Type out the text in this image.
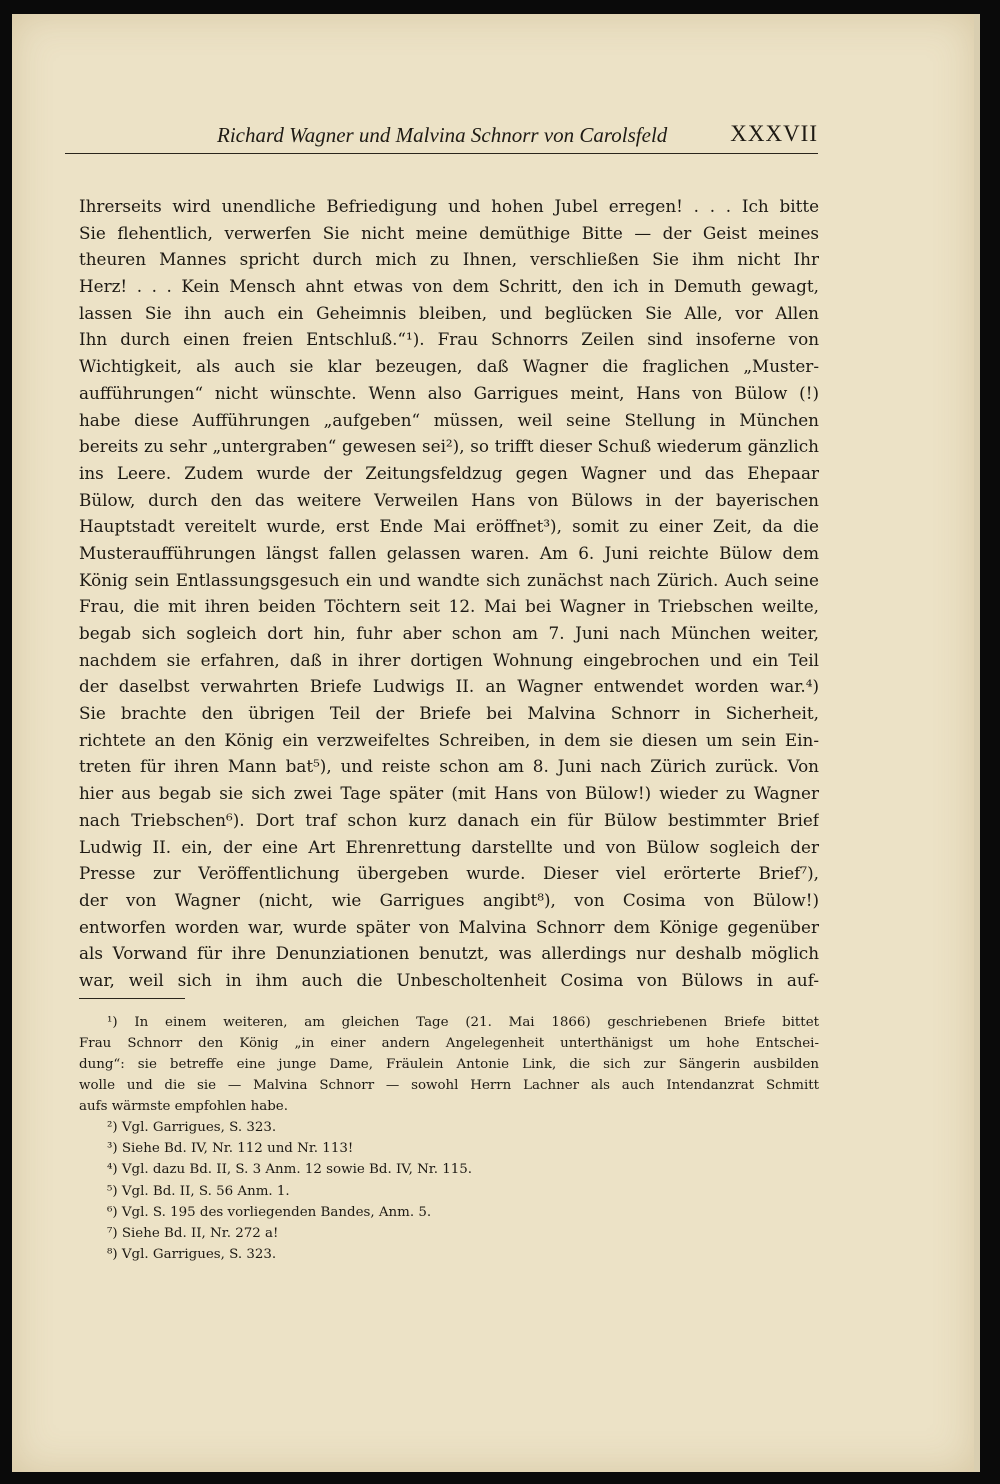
Richard Wagner und Malvina Schnorr von Carolsfeld	XXXVII
Ihrerseits wird unendliche Befriedigung und hohen Jubel erregen! . . . Ich bitte
Sie flehentlich, verwerfen Sie nicht meine demüthige Bitte — der Geist meines
theuren Mannes spricht durch mich zu Ihnen, verschließen Sie ihm nicht Ihr
Herz! . . . Kein Mensch ahnt etwas von dem Schritt, den ich in Demuth gewagt,
lassen Sie ihn auch ein Geheimnis bleiben, und beglücken Sie Alle, vor Allen
Ihn durch einen freien Entschluß.“¹). Frau Schnorrs Zeilen sind insoferne von
Wichtigkeit, als auch sie klar bezeugen, daß Wagner die fraglichen „Muster-
aufführungen“ nicht wünschte. Wenn also Garrigues meint, Hans von Bülow (!)
habe diese Aufführungen „aufgeben“ müssen, weil seine Stellung in München
bereits zu sehr „untergraben“ gewesen sei²), so trifft dieser Schuß wiederum gänzlich
ins Leere. Zudem wurde der Zeitungsfeldzug gegen Wagner und das Ehepaar
Bülow, durch den das weitere Verweilen Hans von Bülows in der bayerischen
Hauptstadt vereitelt wurde, erst Ende Mai eröffnet³), somit zu einer Zeit, da die
Musteraufführungen längst fallen gelassen waren. Am 6. Juni reichte Bülow dem
König sein Entlassungsgesuch ein und wandte sich zunächst nach Zürich. Auch seine
Frau, die mit ihren beiden Töchtern seit 12. Mai bei Wagner in Triebschen weilte,
begab sich sogleich dort hin, fuhr aber schon am 7. Juni nach München weiter,
nachdem sie erfahren, daß in ihrer dortigen Wohnung eingebrochen und ein Teil
der daselbst verwahrten Briefe Ludwigs II. an Wagner entwendet worden war.⁴)
Sie brachte den übrigen Teil der Briefe bei Malvina Schnorr in Sicherheit,
richtete an den König ein verzweifeltes Schreiben, in dem sie diesen um sein Ein-
treten für ihren Mann bat⁵), und reiste schon am 8. Juni nach Zürich zurück. Von
hier aus begab sie sich zwei Tage später (mit Hans von Bülow!) wieder zu Wagner
nach Triebschen⁶). Dort traf schon kurz danach ein für Bülow bestimmter Brief
Ludwig II. ein, der eine Art Ehrenrettung darstellte und von Bülow sogleich der
Presse zur Veröffentlichung übergeben wurde. Dieser viel erörterte Brief⁷),
der von Wagner (nicht, wie Garrigues angibt⁸), von Cosima von Bülow!)
entworfen worden war, wurde später von Malvina Schnorr dem Könige gegenüber
als Vorwand für ihre Denunziationen benutzt, was allerdings nur deshalb möglich
war, weil sich in ihm auch die Unbescholtenheit Cosima von Bülows in auf-
¹) In einem weiteren, am gleichen Tage (21. Mai 1866) geschriebenen Briefe bittet
Frau Schnorr den König „in einer andern Angelegenheit unterthänigst um hohe Entschei-
dung“: sie betreffe eine junge Dame, Fräulein Antonie Link, die sich zur Sängerin ausbilden
wolle und die sie — Malvina Schnorr — sowohl Herrn Lachner als auch Intendanzrat Schmitt
aufs wärmste empfohlen habe.
²) Vgl. Garrigues, S. 323.
³) Siehe Bd. IV, Nr. 112 und Nr. 113!
⁴) Vgl. dazu Bd. II, S. 3 Anm. 12 sowie Bd. IV, Nr. 115.
⁵) Vgl. Bd. II, S. 56 Anm. 1.
⁶) Vgl. S. 195 des vorliegenden Bandes, Anm. 5.
⁷) Siehe Bd. II, Nr. 272 a!
⁸) Vgl. Garrigues, S. 323.
